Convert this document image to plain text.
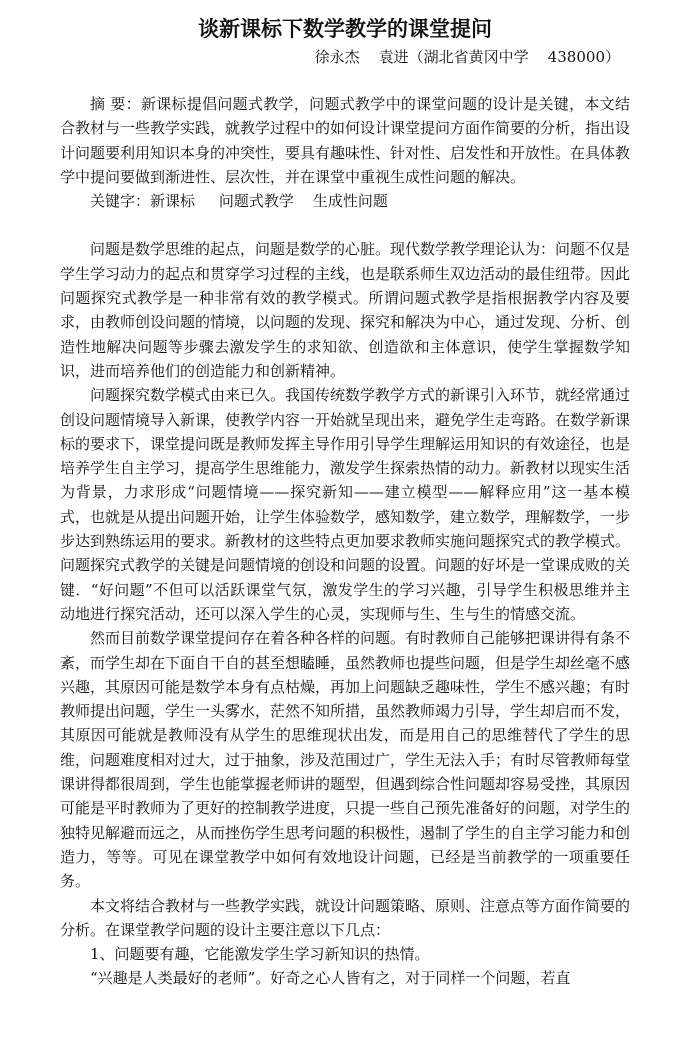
谈新课标下数学教学的课堂提问
徐永杰    袁进（湖北省黄冈中学    438000）

摘 要：新课标提倡问题式教学，问题式教学中的课堂问题的设计是关键，本文结合教材与一些教学实践，就教学过程中的如何设计课堂提问方面作简要的分析，指出设计问题要利用知识本身的冲突性，要具有趣味性、针对性、启发性和开放性。在具体教学中提问要做到渐进性、层次性，并在课堂中重视生成性问题的解决。

关键字：新课标     问题式教学    生成性问题

问题是数学思维的起点，问题是数学的心脏。现代数学教学理论认为：问题不仅是学生学习动力的起点和贯穿学习过程的主线，也是联系师生双边活动的最佳纽带。因此问题探究式教学是一种非常有效的教学模式。所谓问题式教学是指根据教学内容及要求，由教师创设问题的情境，以问题的发现、探究和解决为中心，通过发现、分析、创造性地解决问题等步骤去激发学生的求知欲、创造欲和主体意识，使学生掌握数学知识，进而培养他们的创造能力和创新精神。

问题探究数学模式由来已久。我国传统数学教学方式的新课引入环节，就经常通过创设问题情境导入新课，使教学内容一开始就呈现出来，避免学生走弯路。在数学新课标的要求下，课堂提问既是教师发挥主导作用引导学生理解运用知识的有效途径，也是培养学生自主学习，提高学生思维能力，激发学生探索热情的动力。新教材以现实生活为背景，力求形成“问题情境——探究新知——建立模型——解释应用”这一基本模式，也就是从提出问题开始，让学生体验数学，感知数学，建立数学，理解数学，一步步达到熟练运用的要求。新教材的这些特点更加要求教师实施问题探究式的教学模式。 问题探究式教学的关键是问题情境的创设和问题的设置。问题的好坏是一堂课成败的关键．“好问题”不但可以活跃课堂气氛，激发学生的学习兴趣，引导学生积极思维并主动地进行探究活动，还可以深入学生的心灵，实现师与生、生与生的情感交流。

然而目前数学课堂提问存在着各种各样的问题。有时教师自己能够把课讲得有条不紊，而学生却在下面自干自的甚至想瞌睡，虽然教师也提些问题，但是学生却丝毫不感兴趣，其原因可能是数学本身有点枯燥，再加上问题缺乏趣味性，学生不感兴趣；有时教师提出问题，学生一头雾水，茫然不知所措，虽然教师竭力引导，学生却启而不发，其原因可能就是教师没有从学生的思维现状出发，而是用自己的思维替代了学生的思维，问题难度相对过大，过于抽象，涉及范围过广，学生无法入手；有时尽管教师每堂课讲得都很周到，学生也能掌握老师讲的题型，但遇到综合性问题却容易受挫，其原因可能是平时教师为了更好的控制教学进度，只提一些自己预先准备好的问题，对学生的独特见解避而远之，从而挫伤学生思考问题的积极性，遏制了学生的自主学习能力和创造力，等等。可见在课堂教学中如何有效地设计问题，已经是当前教学的一项重要任务。

本文将结合教材与一些教学实践，就设计问题策略、原则、注意点等方面作简要的分析。在课堂教学问题的设计主要注意以下几点：

1、问题要有趣，它能激发学生学习新知识的热情。

“兴趣是人类最好的老师”。好奇之心人皆有之，对于同样一个问题，若直
